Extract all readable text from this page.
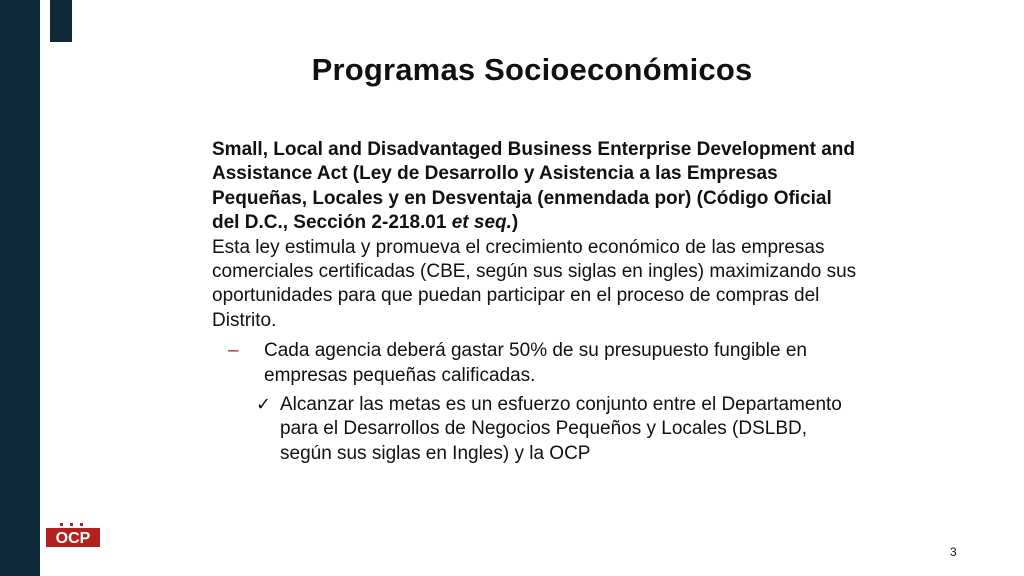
Programas Socioeconómicos

Small, Local and Disadvantaged Business Enterprise Development and Assistance Act (Ley de Desarrollo y Asistencia a las Empresas Pequeñas, Locales y en Desventaja (enmendada por) (Código Oficial del D.C., Sección 2-218.01 et seq.)

Esta ley estimula y promueva el crecimiento económico de las empresas comerciales certificadas (CBE, según sus siglas en ingles) maximizando sus oportunidades para que puedan participar en el proceso de compras del Distrito.

– Cada agencia deberá gastar 50% de su presupuesto fungible en empresas pequeñas calificadas.
✓ Alcanzar las metas es un esfuerzo conjunto entre el Departamento para el Desarrollos de Negocios Pequeños y Locales (DSLBD, según sus siglas en Ingles) y la OCP
OCP
3
